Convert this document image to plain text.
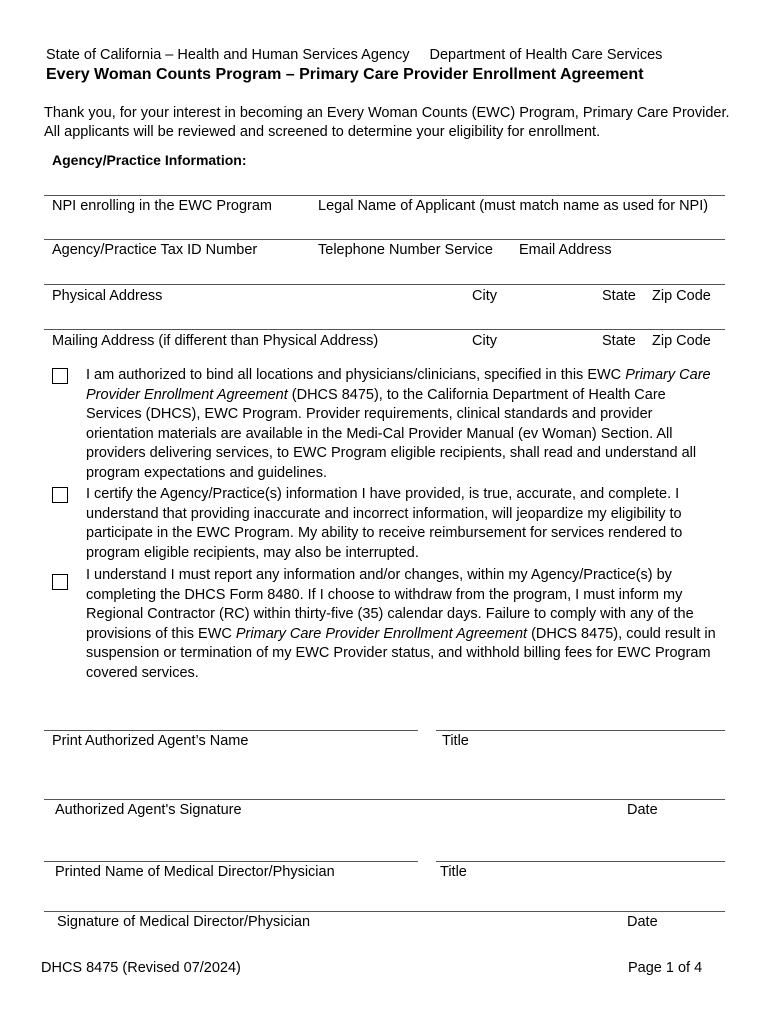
State of California – Health and Human Services Agency Department of Health Care Services
Every Woman Counts Program – Primary Care Provider Enrollment Agreement
Thank you, for your interest in becoming an Every Woman Counts (EWC) Program, Primary Care Provider. All applicants will be reviewed and screened to determine your eligibility for enrollment.
Agency/Practice Information:
NPI enrolling in the EWC Program	Legal Name of Applicant (must match name as used for NPI)
Agency/Practice Tax ID Number	Telephone Number Service Email Address
Physical Address	City	State Zip Code
Mailing Address (if different than Physical Address)	City	State Zip Code
I am authorized to bind all locations and physicians/clinicians, specified in this EWC Primary Care Provider Enrollment Agreement (DHCS 8475), to the California Department of Health Care Services (DHCS), EWC Program. Provider requirements, clinical standards and provider orientation materials are available in the Medi-Cal Provider Manual (ev Woman) Section. All providers delivering services, to EWC Program eligible recipients, shall read and understand all program expectations and guidelines.
I certify the Agency/Practice(s) information I have provided, is true, accurate, and complete. I understand that providing inaccurate and incorrect information, will jeopardize my eligibility to participate in the EWC Program. My ability to receive reimbursement for services rendered to program eligible recipients, may also be interrupted.
I understand I must report any information and/or changes, within my Agency/Practice(s) by completing the DHCS Form 8480. If I choose to withdraw from the program, I must inform my Regional Contractor (RC) within thirty-five (35) calendar days. Failure to comply with any of the provisions of this EWC Primary Care Provider Enrollment Agreement (DHCS 8475), could result in suspension or termination of my EWC Provider status, and withhold billing fees for EWC Program covered services.
Print Authorized Agent’s Name	Title
Authorized Agent's Signature	Date
Printed Name of Medical Director/Physician	Title
Signature of Medical Director/Physician	Date
DHCS 8475 (Revised 07/2024)	Page 1 of 4
